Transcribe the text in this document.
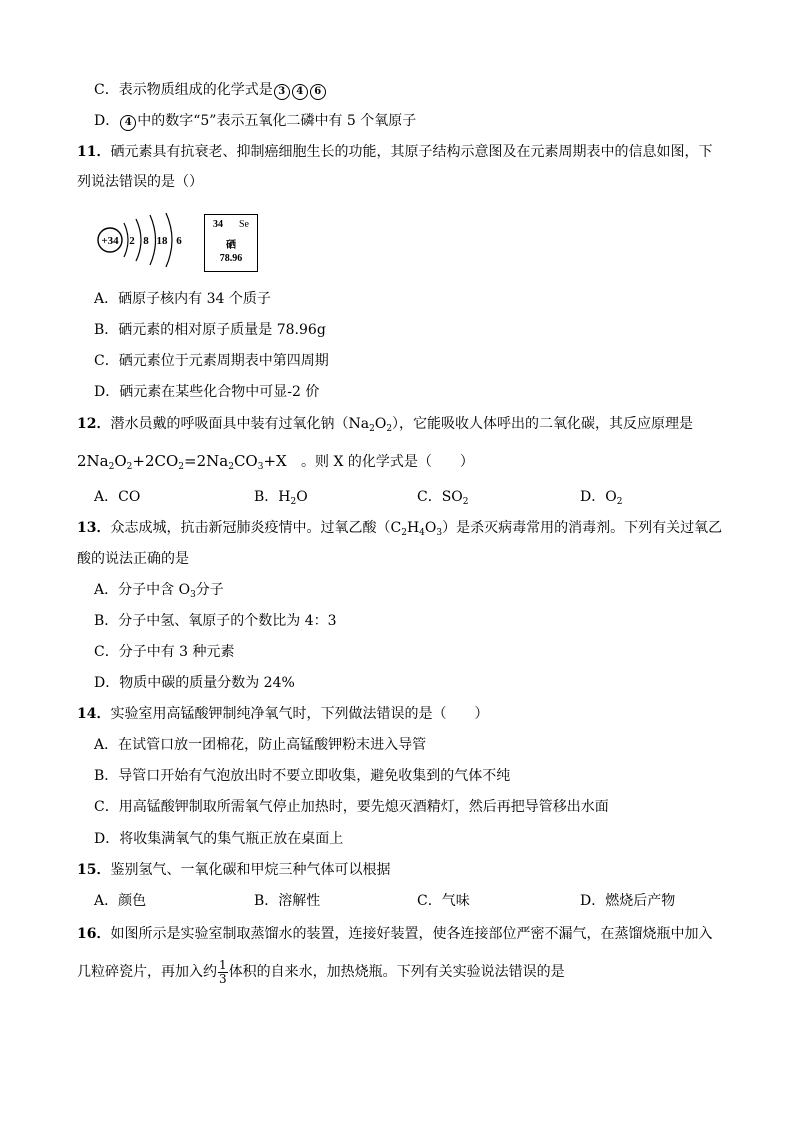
C．表示物质组成的化学式是 3 4 6
D． 4 中的数字“5”表示五氧化二磷中有 5 个氧原子
11．硒元素具有抗衰老、抑制癌细胞生长的功能，其原子结构示意图及在元素周期表中的信息如图，下
列说法错误的是（）
+34 2 8 18 6
34 Se
硒
78.96
A．硒原子核内有 34 个质子
B．硒元素的相对原子质量是 78.96g
C．硒元素位于元素周期表中第四周期
D．硒元素在某些化合物中可显-2 价
12．潜水员戴的呼吸面具中装有过氧化钠$(Na_2O_2)$，它能吸收人体呼出的二氧化碳，其反应原理是
$2Na_2O_2+2CO_2=2Na_2CO_3+X$   。则 X 的化学式是（　　）
A．CO	B．$H_2O$	C．$SO_2$	D．$O_2$
13．众志成城，抗击新冠肺炎疫情中。过氧乙酸$(C_2H_4O_3)$是杀灭病毒常用的消毒剂。下列有关过氧乙
酸的说法正确的是
A．分子中含 $O_3$分子
B．分子中氢、氧原子的个数比为 4：3
C．分子中有 3 种元素
D．物质中碳的质量分数为 24%
14．实验室用高锰酸钾制纯净氧气时，下列做法错误的是（　　）
A．在试管口放一团棉花，防止高锰酸钾粉末进入导管
B．导管口开始有气泡放出时不要立即收集，避免收集到的气体不纯
C．用高锰酸钾制取所需氧气停止加热时，要先熄灭酒精灯，然后再把导管移出水面
D．将收集满氧气的集气瓶正放在桌面上
15．鉴别氢气、一氧化碳和甲烷三种气体可以根据
A．颜色	B．溶解性	C．气味	D．燃烧后产物
16．如图所示是实验室制取蒸馏水的装置，连接好装置，使各连接部位严密不漏气，在蒸馏烧瓶中加入
几粒碎瓷片，再加入约 $\frac{1}{3}$ 体积的自来水，加热烧瓶。下列有关实验说法错误的是
